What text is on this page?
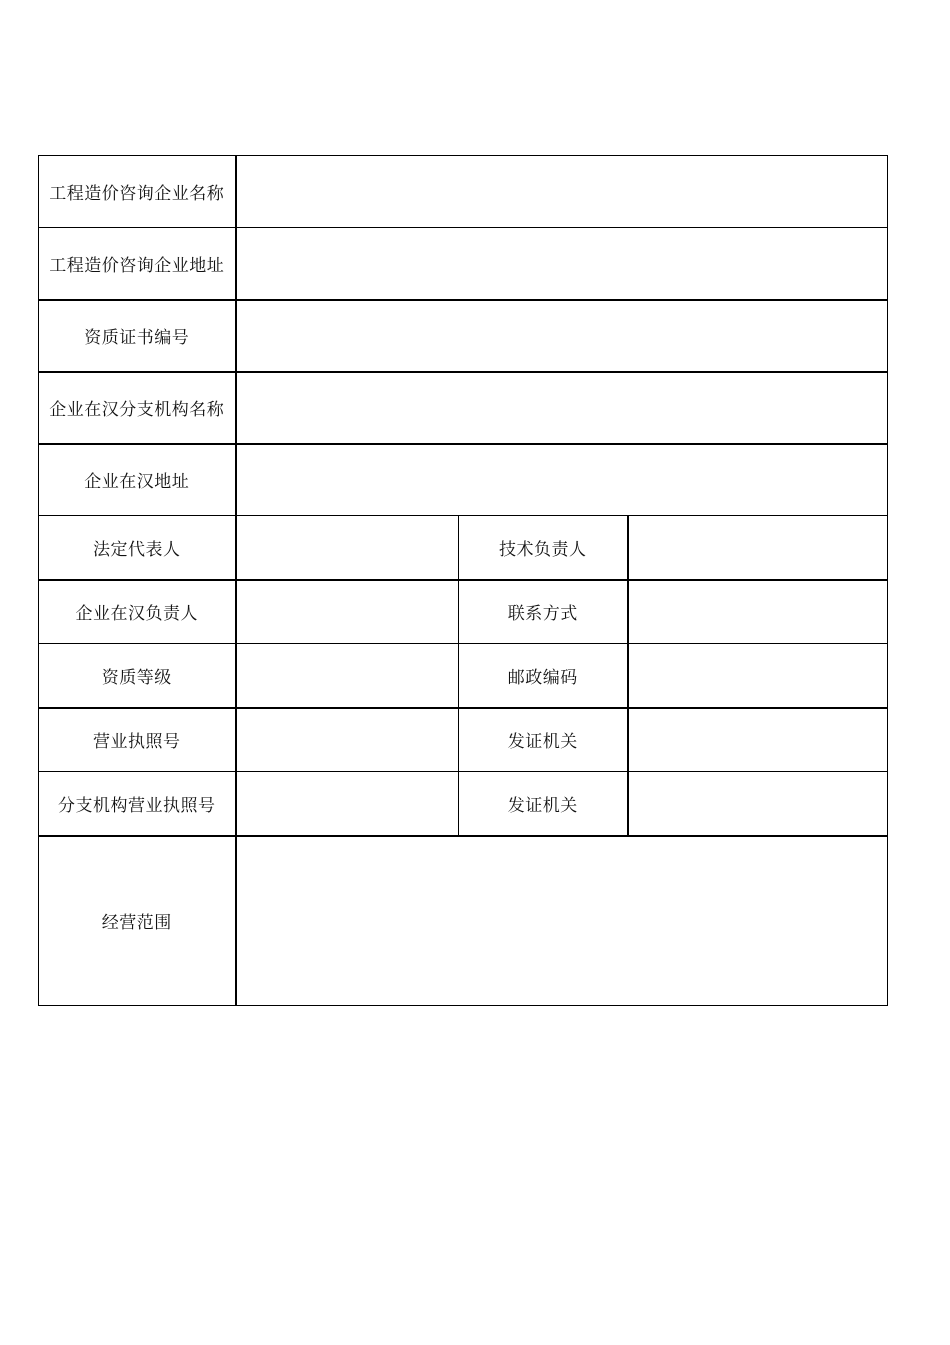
工程造价咨询企业名称			
工程造价咨询企业地址			
资质证书编号			
企业在汉分支机构名称			
企业在汉地址			
法定代表人		技术负责人	
企业在汉负责人		联系方式	
资质等级		邮政编码	
营业执照号		发证机关	
分支机构营业执照号		发证机关	
经营范围			
